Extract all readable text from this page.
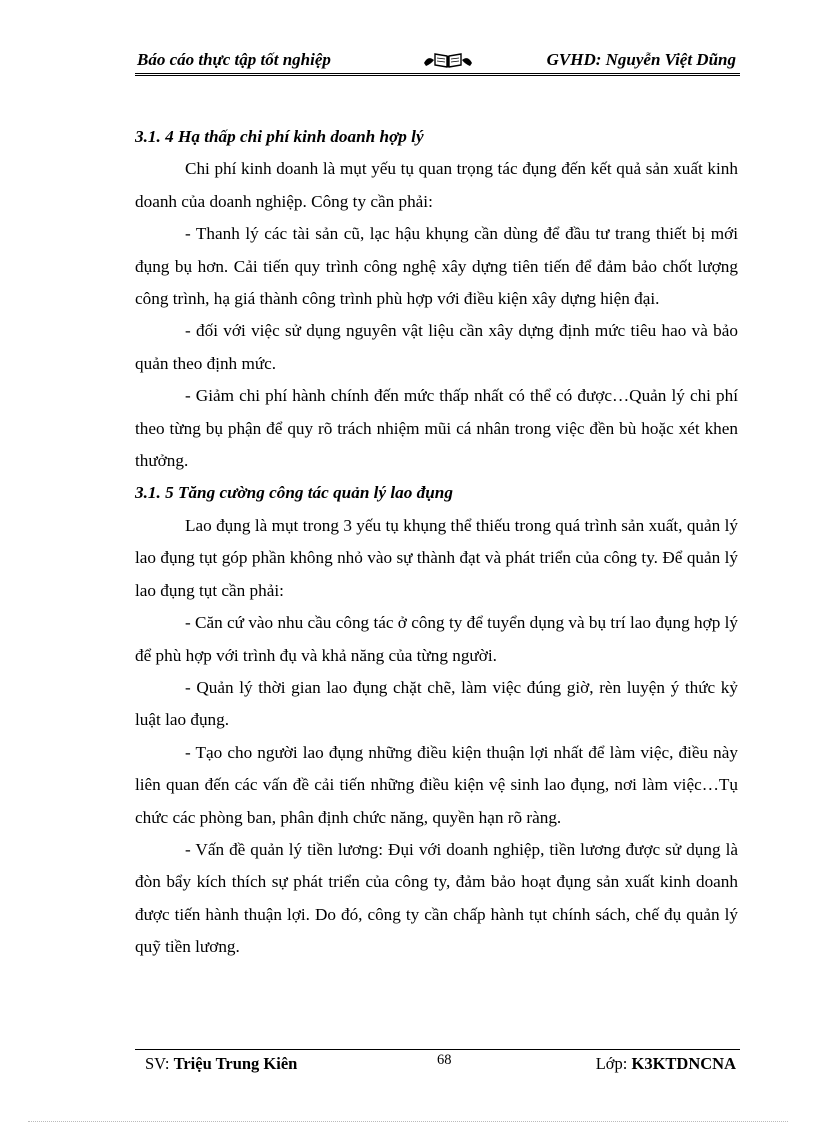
Báo cáo thực tập tốt nghiệp	GVHD: Nguyễn Việt Dũng
3.1. 4 Hạ thấp chi phí kinh doanh hợp lý

Chi phí kinh doanh là mụt yếu tụ quan trọng tác đụng đến kết quả sản xuất kinh doanh của doanh nghiệp. Công ty cần phải:

- Thanh lý các tài sản cũ, lạc hậu khụng cần dùng để đầu tư trang thiết bị mới đụng bụ hơn. Cải tiến quy trình công nghệ xây dựng tiên tiến để đảm bảo chốt lượng công trình, hạ giá thành công trình phù hợp với điều kiện xây dựng hiện đại.

- đối với việc sử dụng nguyên vật liệu cần xây dựng định mức tiêu hao và bảo quản theo định mức.

- Giảm chi phí hành chính đến mức thấp nhất có thể có được…Quản lý chi phí theo từng bụ phận để quy rõ trách nhiệm mũi cá nhân trong việc đền bù hoặc xét khen thưởng.

3.1. 5 Tăng cường công tác quản lý lao đụng

Lao đụng là mụt trong 3 yếu tụ khụng thể thiếu trong quá trình sản xuất, quản lý lao đụng tụt góp phần không nhỏ vào sự thành đạt và phát triển của công ty. Để quản lý lao đụng tụt cần phải:

- Căn cứ vào nhu cầu công tác ở công ty để tuyển dụng và bụ trí lao đụng hợp lý để phù hợp với trình đụ và khả năng của từng người.

- Quản lý thời gian lao đụng chặt chẽ, làm việc đúng giờ, rèn luyện ý thức kỷ luật lao đụng.

- Tạo cho người lao đụng những điều kiện thuận lợi nhất để làm việc, điều này liên quan đến các vấn đề cải tiến những điều kiện vệ sinh lao đụng, nơi làm việc…Tụ chức các phòng ban, phân định chức năng, quyền hạn rõ ràng.

- Vấn đề quản lý tiền lương: Đụi với doanh nghiệp, tiền lương được sử dụng là đòn bẩy kích thích sự phát triển của công ty, đảm bảo hoạt đụng sản xuất kinh doanh được tiến hành thuận lợi. Do đó, công ty cần chấp hành tụt chính sách, chế đụ quản lý quỹ tiền lương.

SV: Triệu Trung Kiên	68	Lớp: K3KTDNCNA
